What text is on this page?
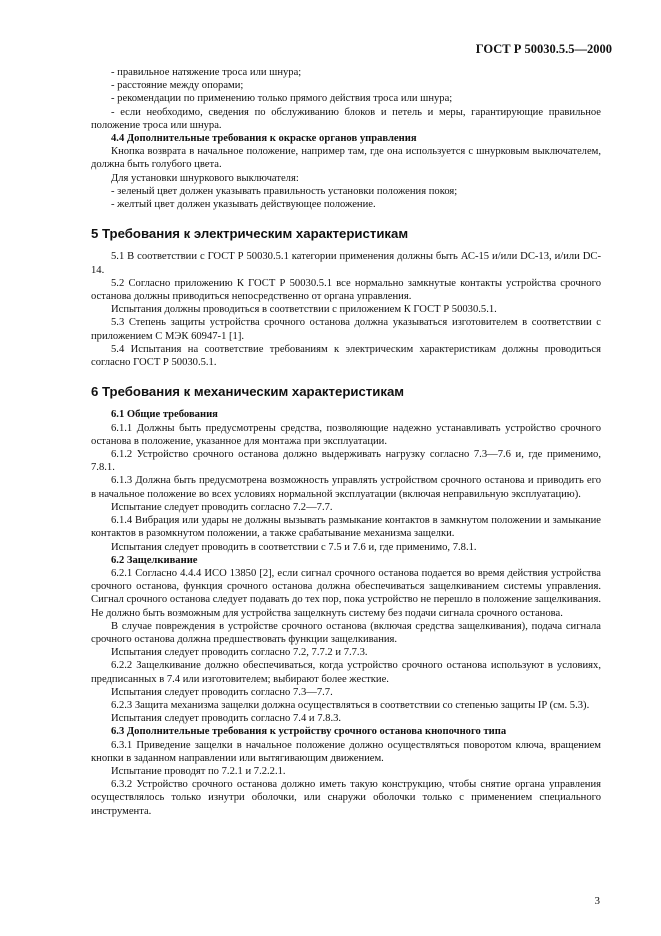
ГОСТ Р 50030.5.5—2000

- правильное натяжение троса или шнура;

- расстояние между опорами;

- рекомендации по применению только прямого действия троса или шнура;

- если необходимо, сведения по обслуживанию блоков и петель и меры, гарантирующие правильное положение троса или шнура.

4.4 Дополнительные требования к окраске органов управления

Кнопка возврата в начальное положение, например там, где она используется с шнурковым выключателем, должна быть голубого цвета.

Для установки шнуркового выключателя:

- зеленый цвет должен указывать правильность установки положения покоя;

- желтый цвет должен указывать действующее положение.

5 Требования к электрическим характеристикам

5.1 В соответствии с ГОСТ Р 50030.5.1 категории применения должны быть АС-15 и/или DC-13, и/или DC-14.

5.2 Согласно приложению К ГОСТ Р 50030.5.1 все нормально замкнутые контакты устройства срочного останова должны приводиться непосредственно от органа управления.

Испытания должны проводиться в соответствии с приложением К ГОСТ Р 50030.5.1.

5.3 Степень защиты устройства срочного останова должна указываться изготовителем в соответствии с приложением С МЭК 60947-1 [1].

5.4 Испытания на соответствие требованиям к электрическим характеристикам должны проводиться согласно ГОСТ Р 50030.5.1.

6 Требования к механическим характеристикам

6.1 Общие требования

6.1.1 Должны быть предусмотрены средства, позволяющие надежно устанавливать устройство срочного останова в положение, указанное для монтажа при эксплуатации.

6.1.2 Устройство срочного останова должно выдерживать нагрузку согласно 7.3—7.6 и, где применимо, 7.8.1.

6.1.3 Должна быть предусмотрена возможность управлять устройством срочного останова и приводить его в начальное положение во всех условиях нормальной эксплуатации (включая неправильную эксплуатацию).

Испытание следует проводить согласно 7.2—7.7.

6.1.4 Вибрация или удары не должны вызывать размыкание контактов в замкнутом положении и замыкание контактов в разомкнутом положении, а также срабатывание механизма защелки.

Испытания следует проводить в соответствии с 7.5 и 7.6 и, где применимо, 7.8.1.

6.2 Защелкивание

6.2.1 Согласно 4.4.4 ИСО 13850 [2], если сигнал срочного останова подается во время действия устройства срочного останова, функция срочного останова должна обеспечиваться защелкиванием системы управления. Сигнал срочного останова следует подавать до тех пор, пока устройство не перешло в положение защелкивания. Не должно быть возможным для устройства защелкнуть систему без подачи сигнала срочного останова.

В случае повреждения в устройстве срочного останова (включая средства защелкивания), подача сигнала срочного останова должна предшествовать функции защелкивания.

Испытания следует проводить согласно 7.2, 7.7.2 и 7.7.3.

6.2.2 Защелкивание должно обеспечиваться, когда устройство срочного останова используют в условиях, предписанных в 7.4 или изготовителем; выбирают более жесткие.

Испытания следует проводить согласно 7.3—7.7.

6.2.3 Защита механизма защелки должна осуществляться в соответствии со степенью защиты IP (см. 5.3).

Испытания следует проводить согласно 7.4 и 7.8.3.

6.3 Дополнительные требования к устройству срочного останова кнопочного типа

6.3.1 Приведение защелки в начальное положение должно осуществляться поворотом ключа, вращением кнопки в заданном направлении или вытягивающим движением.

Испытание проводят по 7.2.1 и 7.2.2.1.

6.3.2 Устройство срочного останова должно иметь такую конструкцию, чтобы снятие органа управления осуществлялось только изнутри оболочки, или снаружи оболочки только с применением специального инструмента.

3
